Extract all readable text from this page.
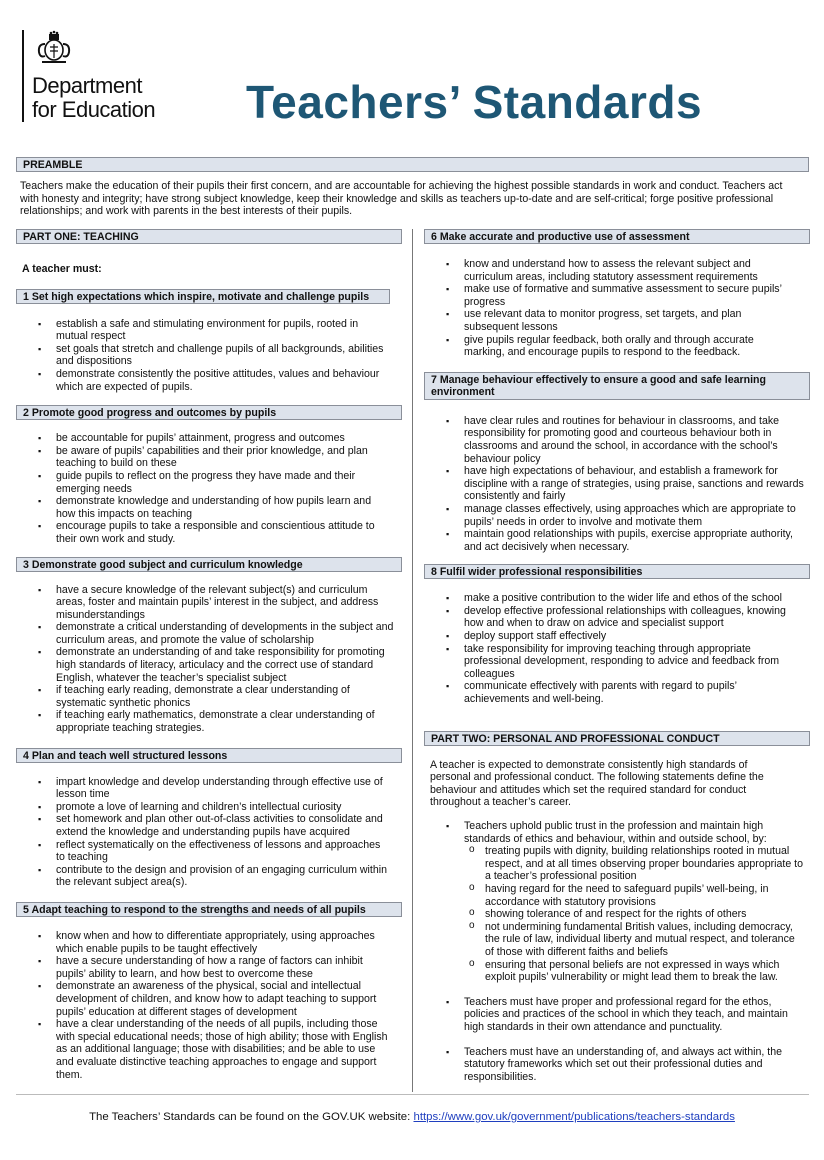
Department
for Education Teachers’ Standards
PREAMBLE
Teachers make the education of their pupils their first concern, and are accountable for achieving the highest possible standards in work and conduct. Teachers act with honesty and integrity; have strong subject knowledge, keep their knowledge and skills as teachers up-to-date and are self-critical; forge positive professional relationships; and work with parents in the best interests of their pupils.
PART ONE: TEACHING
A teacher must:
1 Set high expectations which inspire, motivate and challenge pupils
▪ establish a safe and stimulating environment for pupils, rooted in mutual respect
▪ set goals that stretch and challenge pupils of all backgrounds, abilities and dispositions
▪ demonstrate consistently the positive attitudes, values and behaviour which are expected of pupils.
2 Promote good progress and outcomes by pupils
▪ be accountable for pupils’ attainment, progress and outcomes
▪ be aware of pupils’ capabilities and their prior knowledge, and plan teaching to build on these
▪ guide pupils to reflect on the progress they have made and their emerging needs
▪ demonstrate knowledge and understanding of how pupils learn and how this impacts on teaching
▪ encourage pupils to take a responsible and conscientious attitude to their own work and study.
3 Demonstrate good subject and curriculum knowledge
▪ have a secure knowledge of the relevant subject(s) and curriculum areas, foster and maintain pupils’ interest in the subject, and address misunderstandings
▪ demonstrate a critical understanding of developments in the subject and curriculum areas, and promote the value of scholarship
▪ demonstrate an understanding of and take responsibility for promoting high standards of literacy, articulacy and the correct use of standard English, whatever the teacher’s specialist subject
▪ if teaching early reading, demonstrate a clear understanding of systematic synthetic phonics
▪ if teaching early mathematics, demonstrate a clear understanding of appropriate teaching strategies.
4 Plan and teach well structured lessons
▪ impart knowledge and develop understanding through effective use of lesson time
▪ promote a love of learning and children’s intellectual curiosity
▪ set homework and plan other out-of-class activities to consolidate and extend the knowledge and understanding pupils have acquired
▪ reflect systematically on the effectiveness of lessons and approaches to teaching
▪ contribute to the design and provision of an engaging curriculum within the relevant subject area(s).
5 Adapt teaching to respond to the strengths and needs of all pupils
▪ know when and how to differentiate appropriately, using approaches which enable pupils to be taught effectively
▪ have a secure understanding of how a range of factors can inhibit pupils’ ability to learn, and how best to overcome these
▪ demonstrate an awareness of the physical, social and intellectual development of children, and know how to adapt teaching to support pupils’ education at different stages of development
▪ have a clear understanding of the needs of all pupils, including those with special educational needs; those of high ability; those with English as an additional language; those with disabilities; and be able to use and evaluate distinctive teaching approaches to engage and support them.
6 Make accurate and productive use of assessment
▪ know and understand how to assess the relevant subject and curriculum areas, including statutory assessment requirements
▪ make use of formative and summative assessment to secure pupils’ progress
▪ use relevant data to monitor progress, set targets, and plan subsequent lessons
▪ give pupils regular feedback, both orally and through accurate marking, and encourage pupils to respond to the feedback.
7 Manage behaviour effectively to ensure a good and safe learning environment
▪ have clear rules and routines for behaviour in classrooms, and take responsibility for promoting good and courteous behaviour both in classrooms and around the school, in accordance with the school’s behaviour policy
▪ have high expectations of behaviour, and establish a framework for discipline with a range of strategies, using praise, sanctions and rewards consistently and fairly
▪ manage classes effectively, using approaches which are appropriate to pupils’ needs in order to involve and motivate them
▪ maintain good relationships with pupils, exercise appropriate authority, and act decisively when necessary.
8 Fulfil wider professional responsibilities
▪ make a positive contribution to the wider life and ethos of the school
▪ develop effective professional relationships with colleagues, knowing how and when to draw on advice and specialist support
▪ deploy support staff effectively
▪ take responsibility for improving teaching through appropriate professional development, responding to advice and feedback from colleagues
▪ communicate effectively with parents with regard to pupils’ achievements and well-being.
PART TWO: PERSONAL AND PROFESSIONAL CONDUCT
A teacher is expected to demonstrate consistently high standards of personal and professional conduct. The following statements define the behaviour and attitudes which set the required standard for conduct throughout a teacher’s career.
▪ Teachers uphold public trust in the profession and maintain high standards of ethics and behaviour, within and outside school, by:
o treating pupils with dignity, building relationships rooted in mutual respect, and at all times observing proper boundaries appropriate to a teacher’s professional position
o having regard for the need to safeguard pupils’ well-being, in accordance with statutory provisions
o showing tolerance of and respect for the rights of others
o not undermining fundamental British values, including democracy, the rule of law, individual liberty and mutual respect, and tolerance of those with different faiths and beliefs
o ensuring that personal beliefs are not expressed in ways which exploit pupils’ vulnerability or might lead them to break the law.
▪ Teachers must have proper and professional regard for the ethos, policies and practices of the school in which they teach, and maintain high standards in their own attendance and punctuality.
▪ Teachers must have an understanding of, and always act within, the statutory frameworks which set out their professional duties and responsibilities.
The Teachers’ Standards can be found on the GOV.UK website: https://www.gov.uk/government/publications/teachers-standards
